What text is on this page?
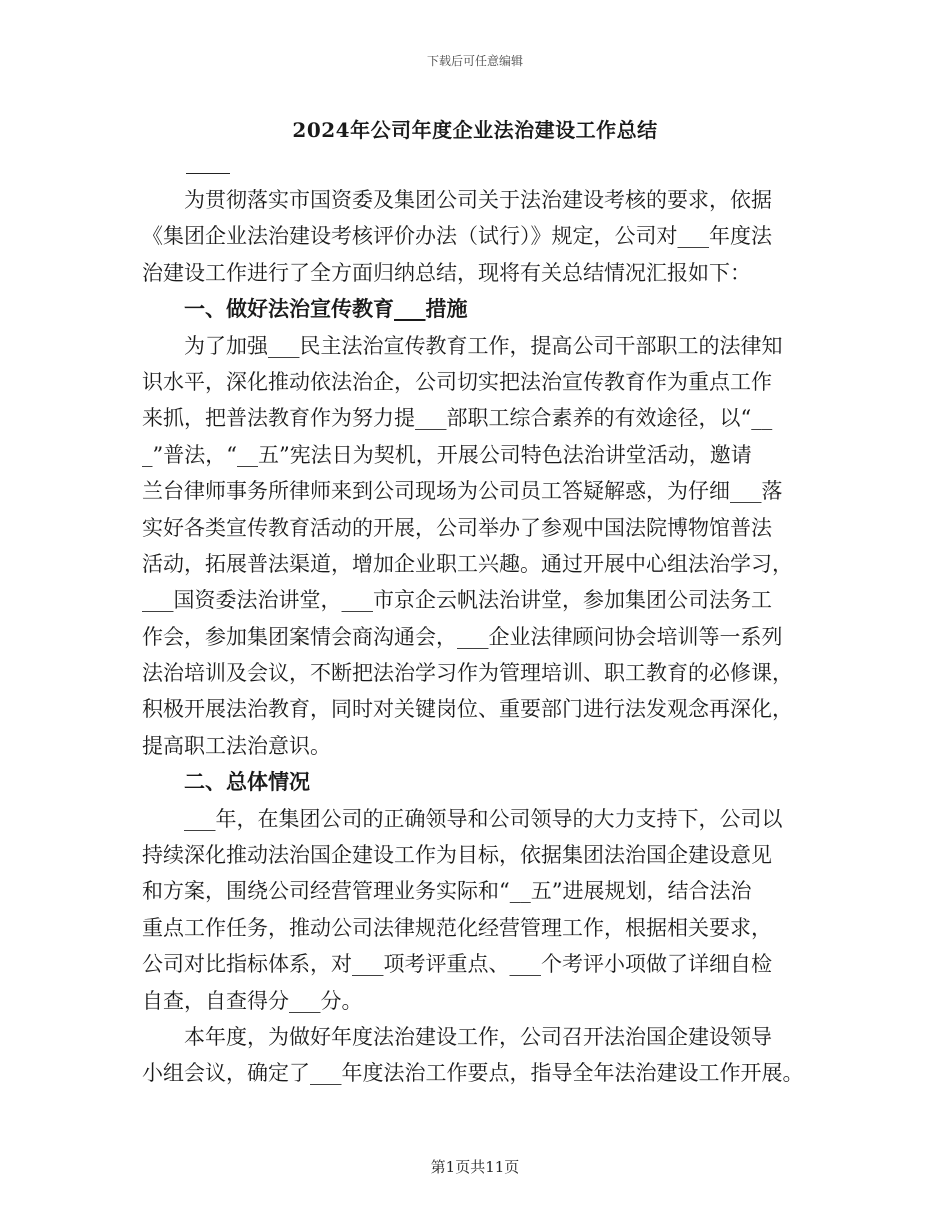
下载后可任意编辑
2024年公司年度企业法治建设工作总结
为贯彻落实市国资委及集团公司关于法治建设考核的要求，依据
《集团企业法治建设考核评价办法（试行）》规定，公司对___年度法
治建设工作进行了全方面归纳总结，现将有关总结情况汇报如下：
一、做好法治宣传教育___措施
为了加强___民主法治宣传教育工作，提高公司干部职工的法律知
识水平，深化推动依法治企，公司切实把法治宣传教育作为重点工作
来抓，把普法教育作为努力提___部职工综合素养的有效途径，以“__
_”普法，“__五”宪法日为契机，开展公司特色法治讲堂活动，邀请
兰台律师事务所律师来到公司现场为公司员工答疑解惑，为仔细___落
实好各类宣传教育活动的开展，公司举办了参观中国法院博物馆普法
活动，拓展普法渠道，增加企业职工兴趣。通过开展中心组法治学习，
___国资委法治讲堂，___市京企云帆法治讲堂，参加集团公司法务工
作会，参加集团案情会商沟通会，___企业法律顾问协会培训等一系列
法治培训及会议，不断把法治学习作为管理培训、职工教育的必修课，
积极开展法治教育，同时对关键岗位、重要部门进行法发观念再深化，
提高职工法治意识。
二、总体情况
___年，在集团公司的正确领导和公司领导的大力支持下，公司以
持续深化推动法治国企建设工作为目标，依据集团法治国企建设意见
和方案，围绕公司经营管理业务实际和“__五”进展规划，结合法治
重点工作任务，推动公司法律规范化经营管理工作，根据相关要求，
公司对比指标体系，对___项考评重点、___个考评小项做了详细自检
自查，自查得分___分。
本年度，为做好年度法治建设工作，公司召开法治国企建设领导
小组会议，确定了___年度法治工作要点，指导全年法治建设工作开展。
第1页共11页
